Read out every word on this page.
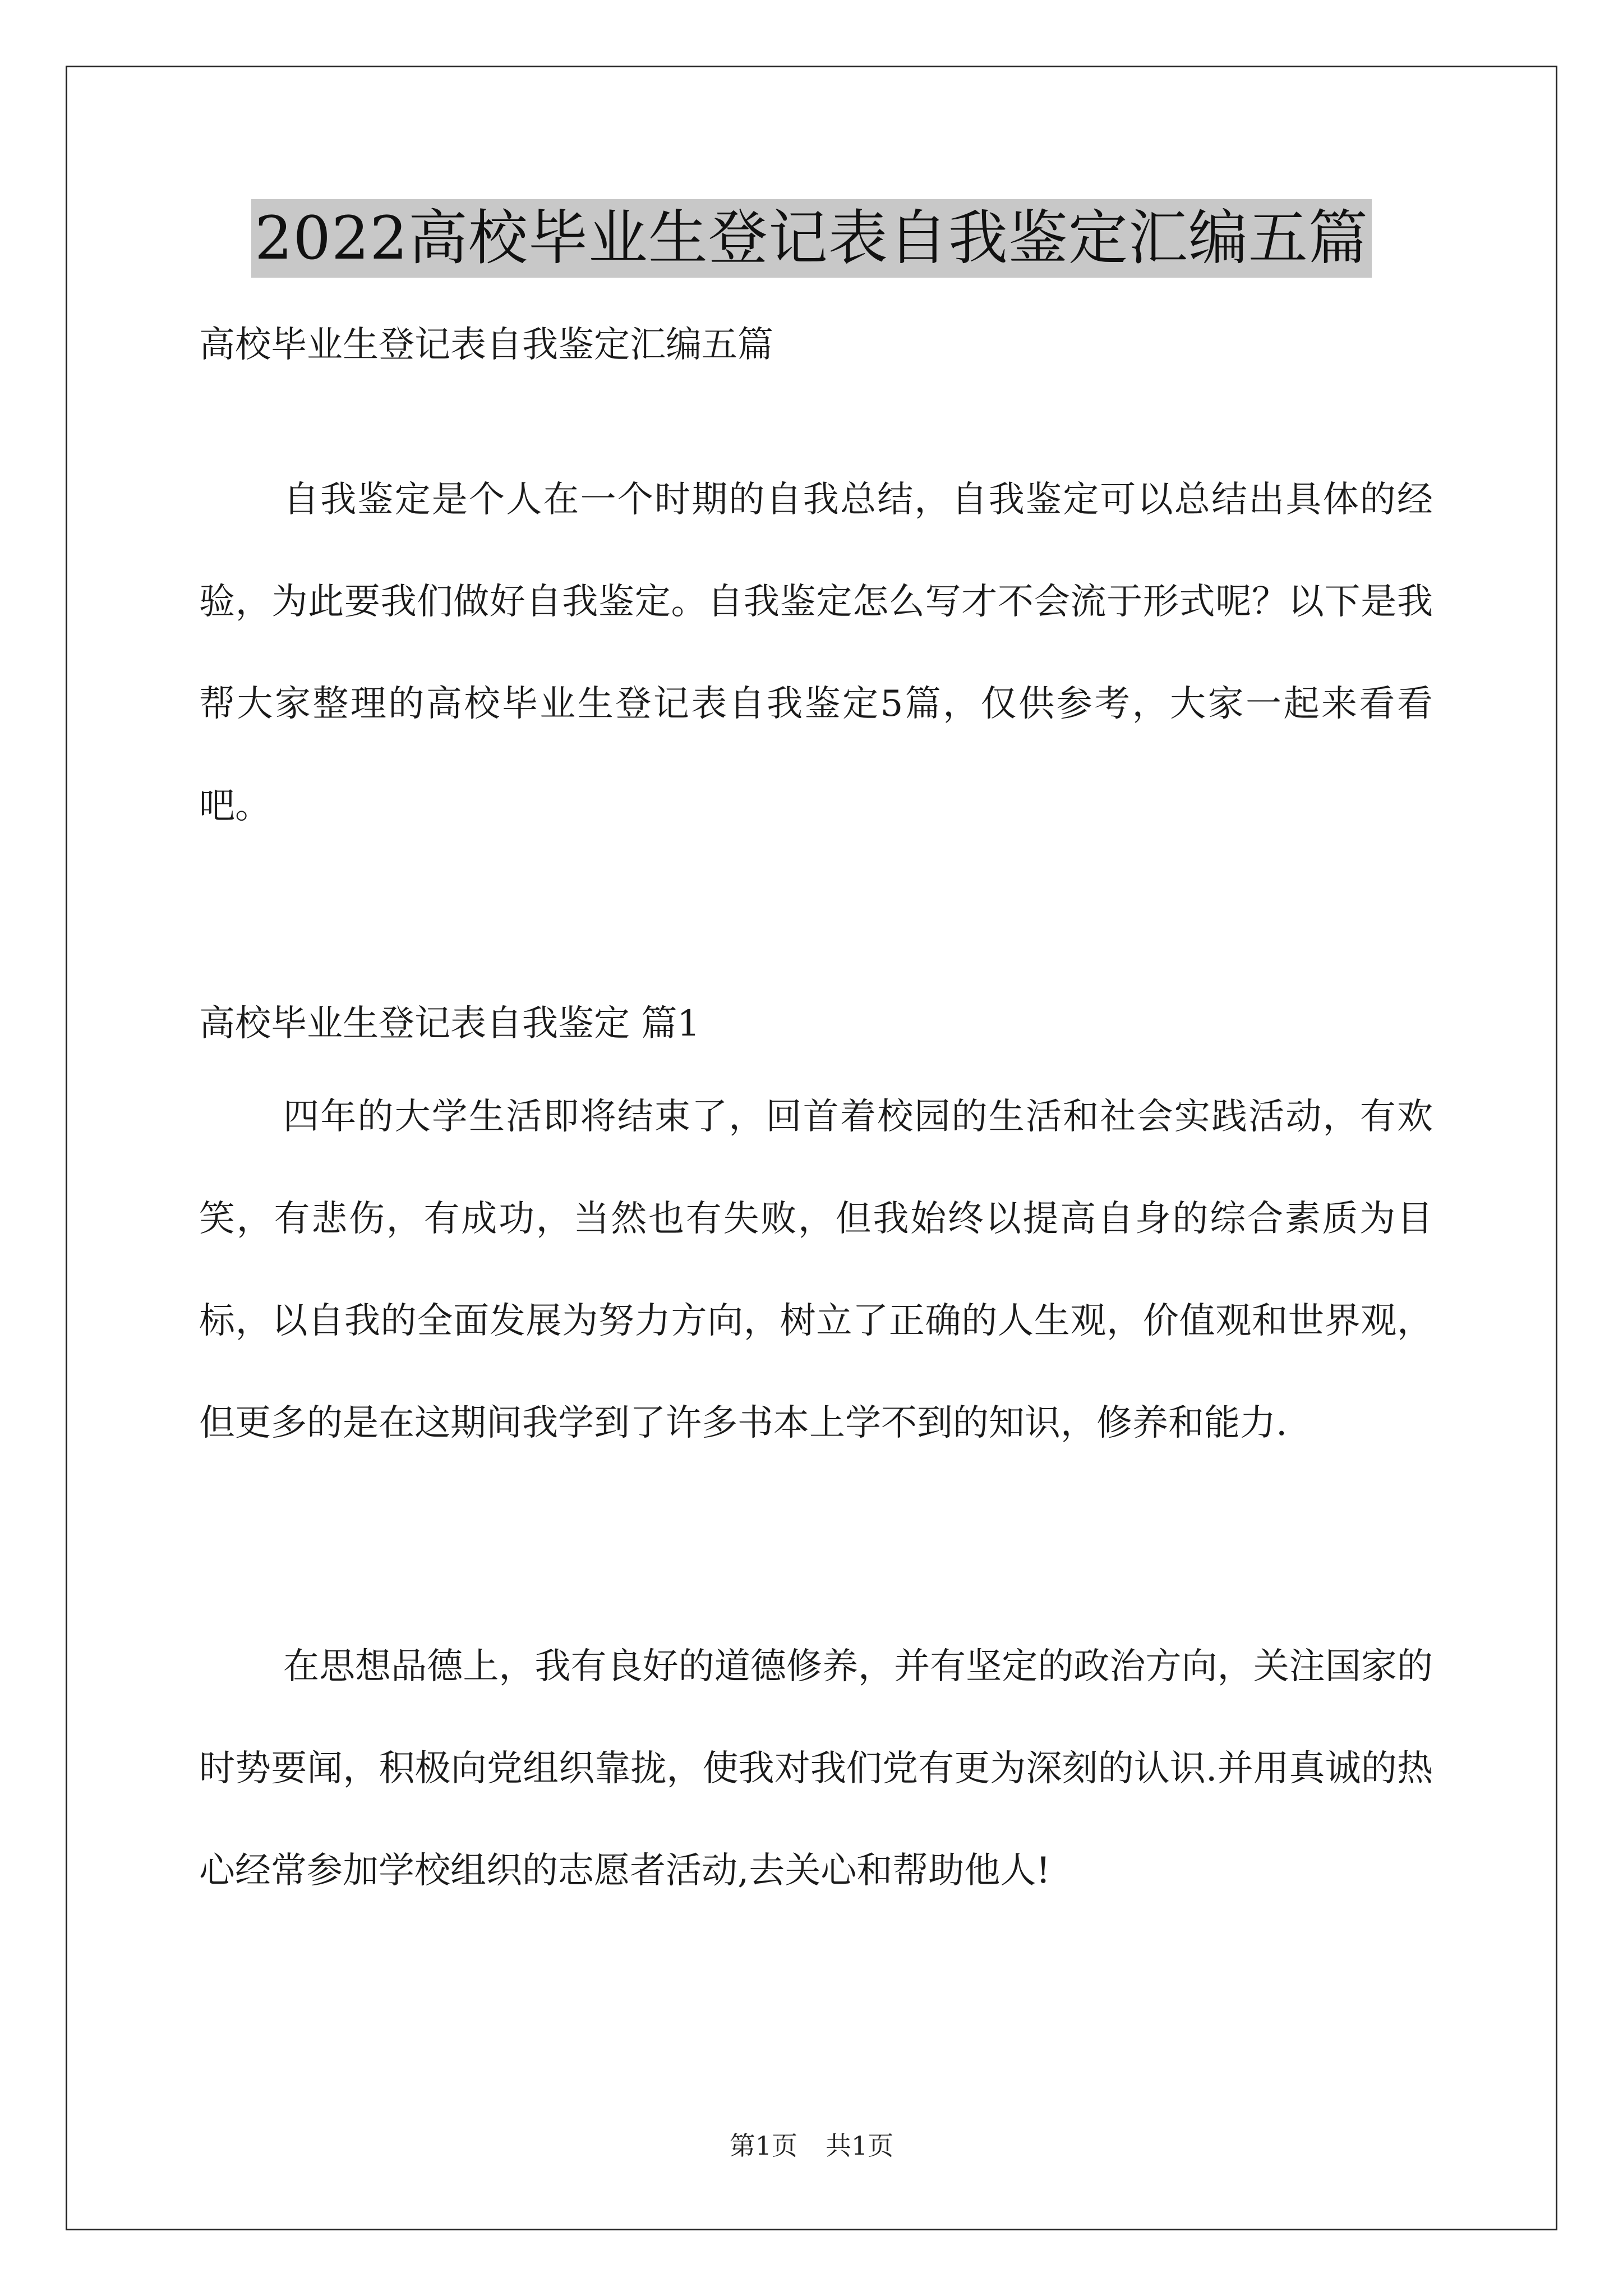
2022高校毕业生登记表自我鉴定汇编五篇
高校毕业生登记表自我鉴定汇编五篇
自我鉴定是个人在一个时期的自我总结，自我鉴定可以总结出具体的经验，为此要我们做好自我鉴定。自我鉴定怎么写才不会流于形式呢？以下是我帮大家整理的高校毕业生登记表自我鉴定5篇，仅供参考，大家一起来看看吧。
高校毕业生登记表自我鉴定 篇1
四年的大学生活即将结束了，回首着校园的生活和社会实践活动，有欢笑，有悲伤，有成功，当然也有失败，但我始终以提高自身的综合素质为目标，以自我的全面发展为努力方向，树立了正确的人生观，价值观和世界观，但更多的是在这期间我学到了许多书本上学不到的知识，修养和能力.
在思想品德上，我有良好的道德修养，并有坚定的政治方向，关注国家的时势要闻，积极向党组织靠拢，使我对我们党有更为深刻的认识.并用真诚的热心经常参加学校组织的志愿者活动,去关心和帮助他人!
第1页 共1页
